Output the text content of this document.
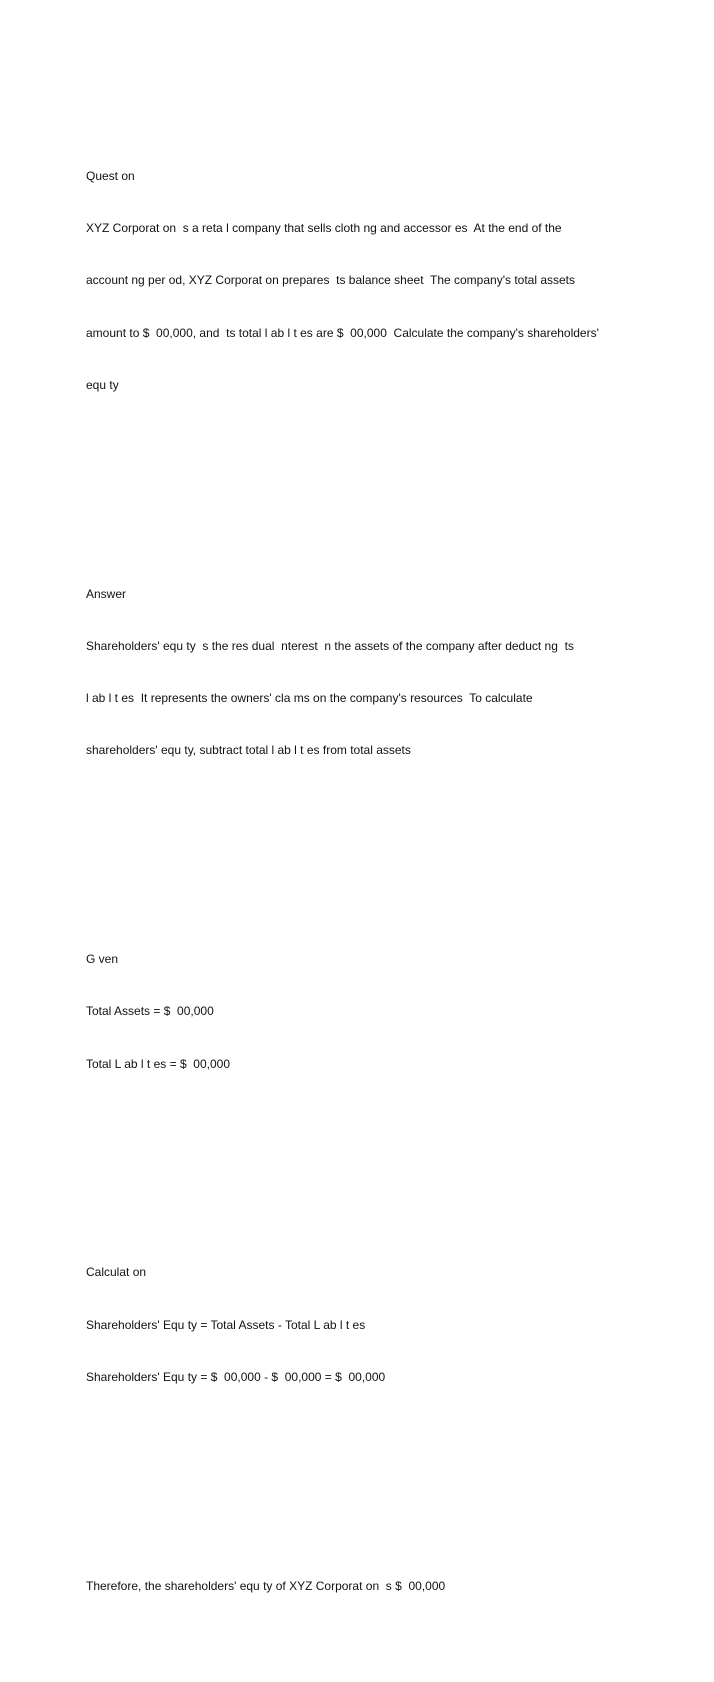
Quest on

XYZ Corporat on  s a reta l company that sells cloth ng and accessor es  At the end of the

account ng per od, XYZ Corporat on prepares  ts balance sheet  The company's total assets

amount to $  00,000, and  ts total l ab l t es are $  00,000  Calculate the company's shareholders'

equ ty

Answer

Shareholders' equ ty  s the res dual  nterest  n the assets of the company after deduct ng  ts

l ab l t es  It represents the owners' cla ms on the company's resources  To calculate

shareholders' equ ty, subtract total l ab l t es from total assets

G ven

Total Assets = $  00,000

Total L ab l t es = $  00,000

Calculat on

Shareholders' Equ ty = Total Assets - Total L ab l t es

Shareholders' Equ ty = $  00,000 - $  00,000 = $  00,000

Therefore, the shareholders' equ ty of XYZ Corporat on  s $  00,000
